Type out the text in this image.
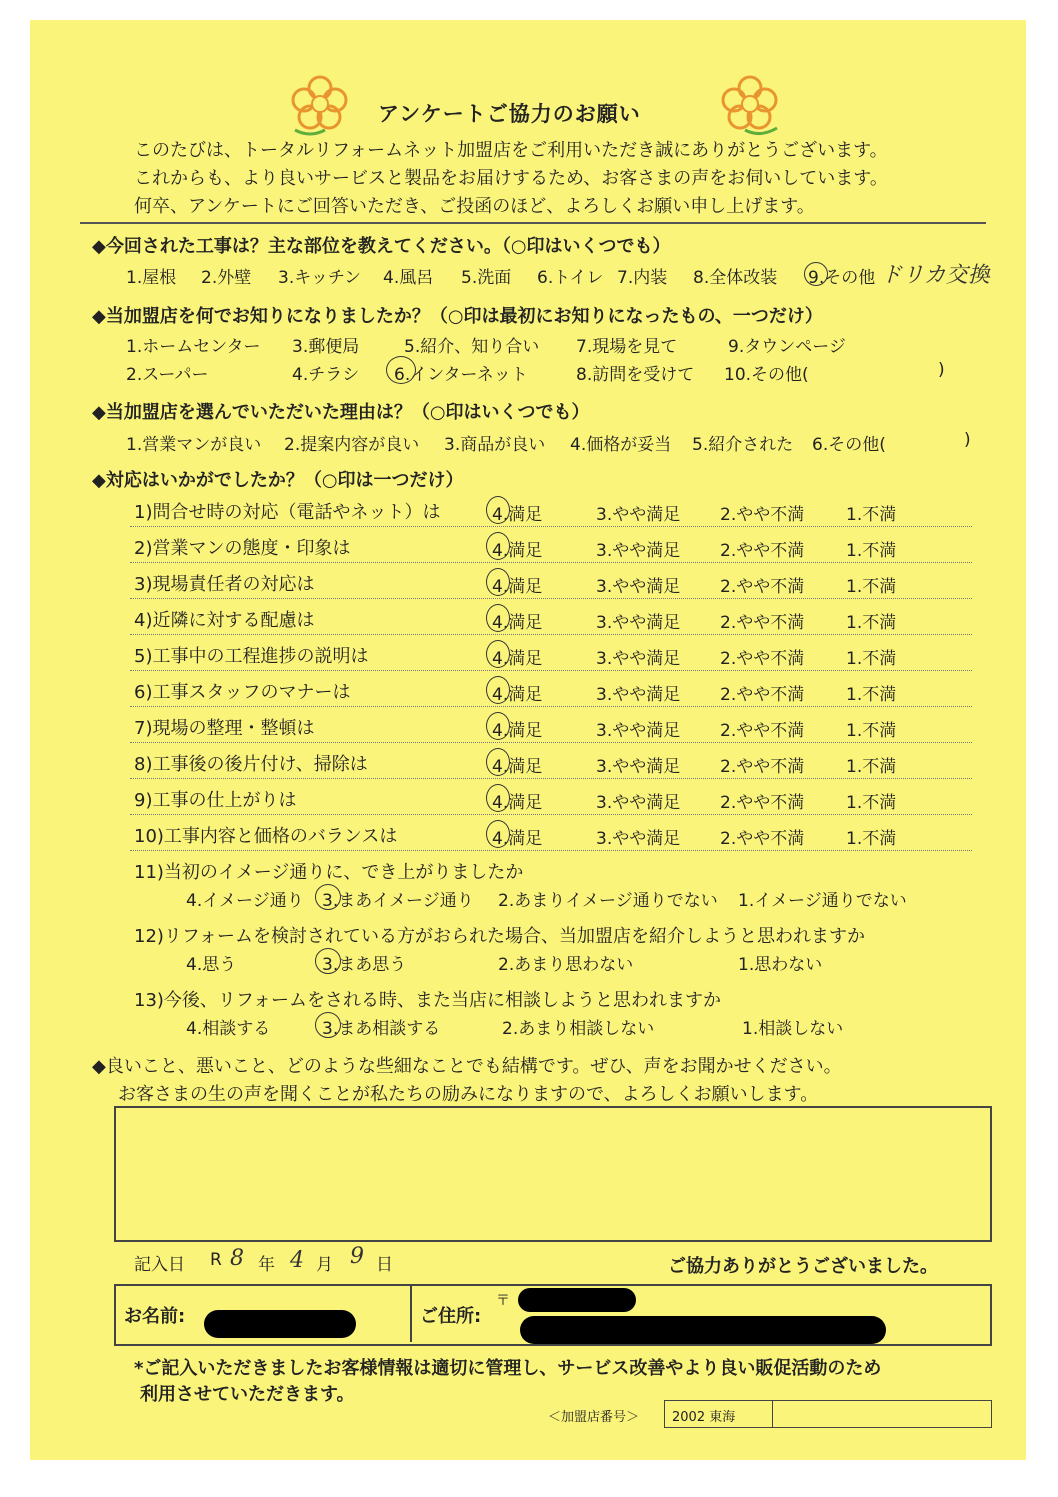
アンケートご協力のお願い
このたびは、トータルリフォームネット加盟店をご利用いただき誠にありがとうございます。
これからも、より良いサービスと製品をお届けするため、お客さまの声をお伺いしています。
何卒、アンケートにご回答いただき、ご投函のほど、よろしくお願い申し上げます。
◆今回された工事は？主な部位を教えてください。（○印はいくつでも）
1.屋根 2.外壁 3.キッチン 4.風呂 5.洗面 6.トイレ 7.内装 8.全体改装 9.その他 ドリカ交換
◆当加盟店を何でお知りになりましたか？（○印は最初にお知りになったもの、一つだけ）
1.ホームセンター 3.郵便局	5.紹介、知り合い 7.現場を見て	9.タウンページ
2.スーパー	4.チラシ 6.インターネット	8.訪問を受けて 10.その他(	)
◆当加盟店を選んでいただいた理由は？（○印はいくつでも）
1.営業マンが良い 2.提案内容が良い 3.商品が良い 4.価格が妥当 5.紹介された 6.その他(	)
◆対応はいかがでしたか？（○印は一つだけ）
1)問合せ時の対応（電話やネット）は	4.満足	3.やや満足 2.やや不満 1.不満
2)営業マンの態度・印象は	4.満足	3.やや満足 2.やや不満 1.不満
3)現場責任者の対応は	4.満足	3.やや満足 2.やや不満 1.不満
4)近隣に対する配慮は	4.満足	3.やや満足 2.やや不満 1.不満
5)工事中の工程進捗の説明は	4.満足	3.やや満足 2.やや不満 1.不満
6)工事スタッフのマナーは	4.満足	3.やや満足 2.やや不満 1.不満
7)現場の整理・整頓は	4.満足	3.やや満足 2.やや不満 1.不満
8)工事後の後片付け、掃除は	4.満足	3.やや満足 2.やや不満 1.不満
9)工事の仕上がりは	4.満足	3.やや満足 2.やや不満 1.不満
10)工事内容と価格のバランスは	4.満足	3.やや満足 2.やや不満 1.不満
11)当初のイメージ通りに、でき上がりましたか
4.イメージ通り 3.まあイメージ通り 2.あまりイメージ通りでない 1.イメージ通りでない
12)リフォームを検討されている方がおられた場合、当加盟店を紹介しようと思われますか
4.思う	3.まあ思う	2.あまり思わない	1.思わない
13)今後、リフォームをされる時、また当店に相談しようと思われますか
4.相談する	3.まあ相談する	2.あまり相談しない	1.相談しない
◆良いこと、悪いこと、どのような些細なことでも結構です。ぜひ、声をお聞かせください。
お客さまの生の声を聞くことが私たちの励みになりますので、よろしくお願いします。
記入日 R 8 年 4 月 9 日	ご協力ありがとうございました。
お名前:	ご住所:
〒
*ご記入いただきましたお客様情報は適切に管理し、サービス改善やより良い販促活動のため
利用させていただきます。
＜加盟店番号＞	2002 東海
